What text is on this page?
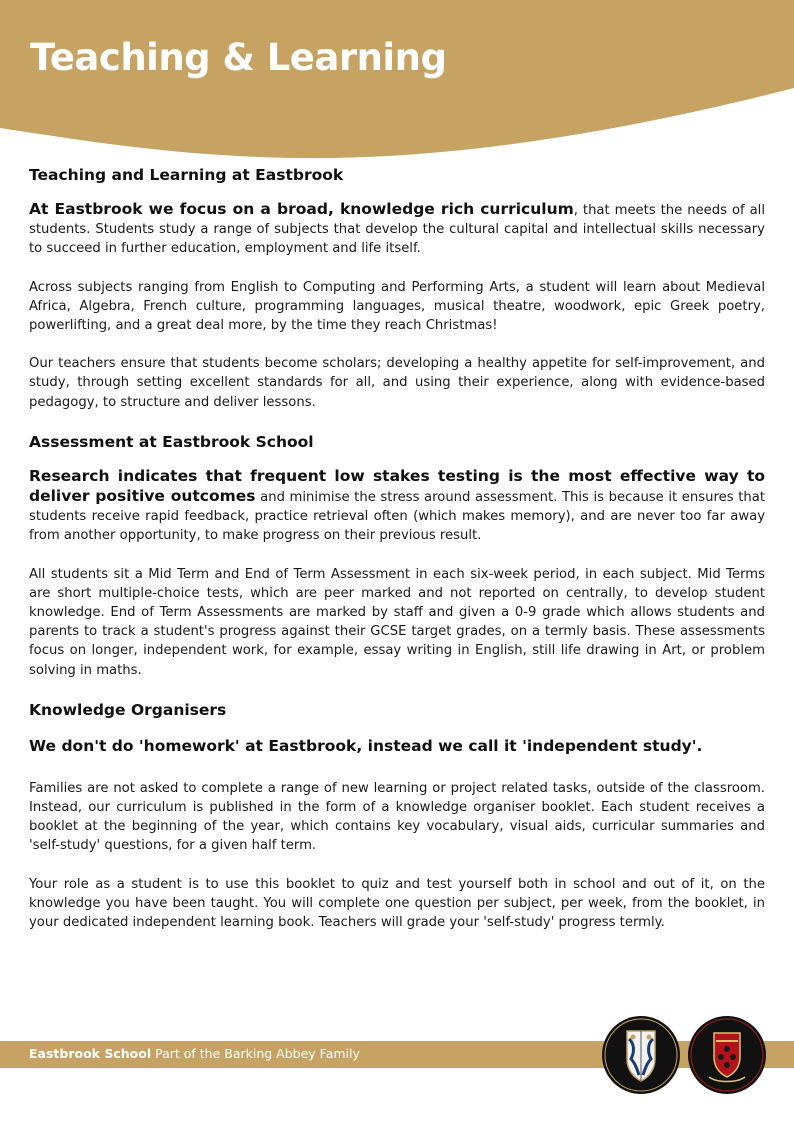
Teaching & Learning
Teaching and Learning at Eastbrook

At Eastbrook we focus on a broad, knowledge rich curriculum, that meets the needs of all students. Students study a range of subjects that develop the cultural capital and intellectual skills necessary to succeed in further education, employment and life itself.

Across subjects ranging from English to Computing and Performing Arts, a student will learn about Medieval Africa, Algebra, French culture, programming languages, musical theatre, woodwork, epic Greek poetry, powerlifting, and a great deal more, by the time they reach Christmas!

Our teachers ensure that students become scholars; developing a healthy appetite for self-improvement, and study, through setting excellent standards for all, and using their experience, along with evidence-based pedagogy, to structure and deliver lessons.

Assessment at Eastbrook School

Research indicates that frequent low stakes testing is the most effective way to deliver positive outcomes and minimise the stress around assessment. This is because it ensures that students receive rapid feedback, practice retrieval often (which makes memory), and are never too far away from another opportunity, to make progress on their previous result.

All students sit a Mid Term and End of Term Assessment in each six-week period, in each subject. Mid Terms are short multiple-choice tests, which are peer marked and not reported on centrally, to develop student knowledge. End of Term Assessments are marked by staff and given a 0-9 grade which allows students and parents to track a student's progress against their GCSE target grades, on a termly basis. These assessments focus on longer, independent work, for example, essay writing in English, still life drawing in Art, or problem solving in maths.

Knowledge Organisers
We don't do 'homework' at Eastbrook, instead we call it 'independent study'.

Families are not asked to complete a range of new learning or project related tasks, outside of the classroom. Instead, our curriculum is published in the form of a knowledge organiser booklet. Each student receives a booklet at the beginning of the year, which contains key vocabulary, visual aids, curricular summaries and 'self-study' questions, for a given half term.

Your role as a student is to use this booklet to quiz and test yourself both in school and out of it, on the knowledge you have been taught. You will complete one question per subject, per week, from the booklet, in your dedicated independent learning book. Teachers will grade your 'self-study' progress termly.

Eastbrook School Part of the Barking Abbey Family
